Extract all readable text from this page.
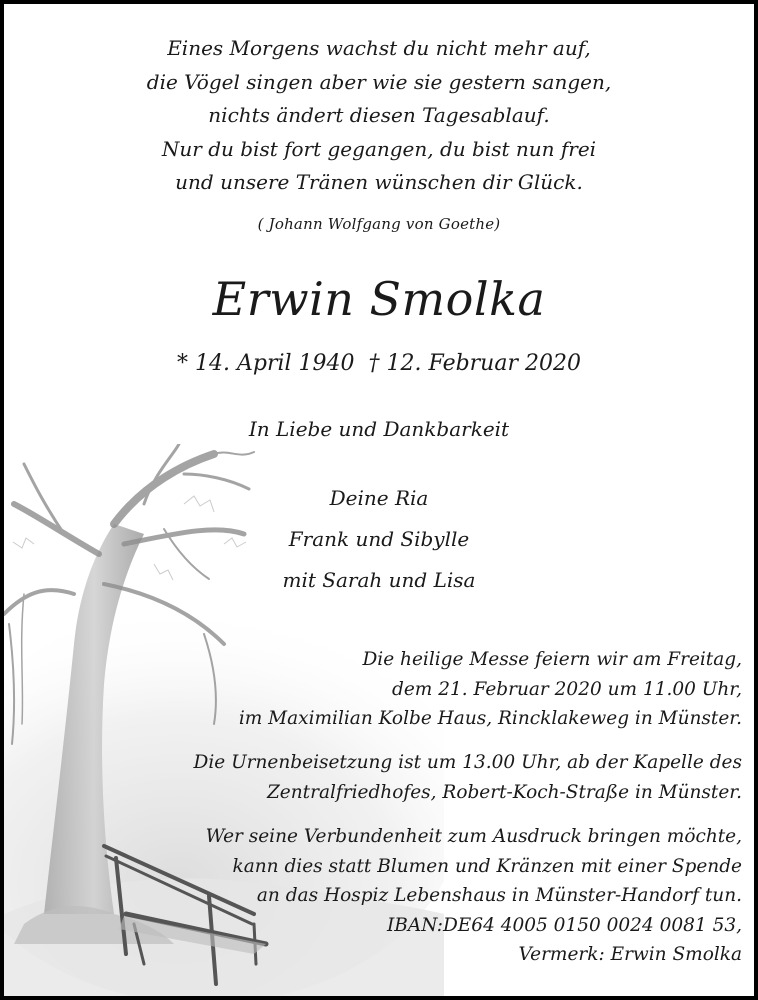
Eines Morgens wachst du nicht mehr auf,
die Vögel singen aber wie sie gestern sangen,
nichts ändert diesen Tagesablauf.
Nur du bist fort gegangen, du bist nun frei
und unsere Tränen wünschen dir Glück.
( Johann Wolfgang von Goethe)
Erwin Smolka
* 14. April 1940 † 12. Februar 2020
In Liebe und Dankbarkeit
Deine Ria
Frank und Sibylle
mit Sarah und Lisa
Die heilige Messe feiern wir am Freitag,
dem 21. Februar 2020 um 11.00 Uhr,
im Maximilian Kolbe Haus, Rincklakeweg in Münster.
Die Urnenbeisetzung ist um 13.00 Uhr, ab der Kapelle des
Zentralfriedhofes, Robert-Koch-Straße in Münster.
Wer seine Verbundenheit zum Ausdruck bringen möchte,
kann dies statt Blumen und Kränzen mit einer Spende
an das Hospiz Lebenshaus in Münster-Handorf tun.
IBAN:DE64 4005 0150 0024 0081 53,
Vermerk: Erwin Smolka
